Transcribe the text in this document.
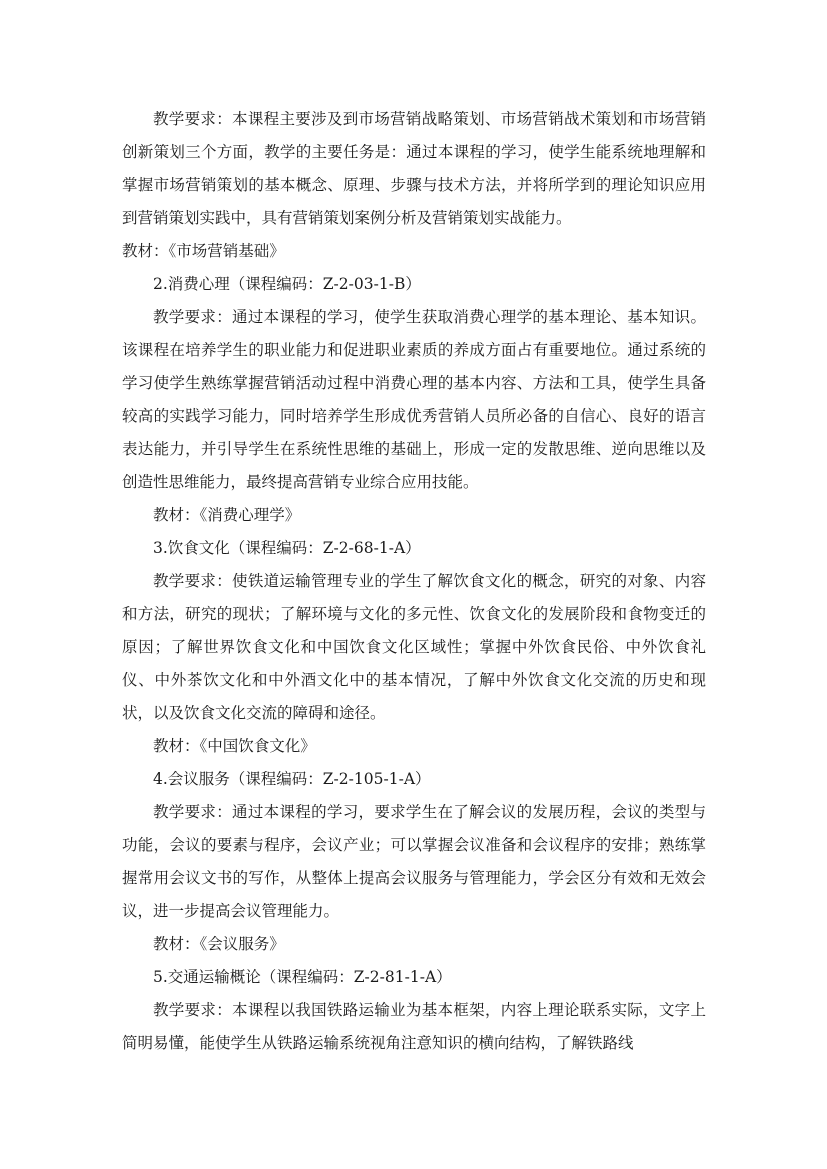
教学要求：本课程主要涉及到市场营销战略策划、市场营销战术策划和市场营销创新策划三个方面，教学的主要任务是：通过本课程的学习，使学生能系统地理解和掌握市场营销策划的基本概念、原理、步骤与技术方法，并将所学到的理论知识应用到营销策划实践中，具有营销策划案例分析及营销策划实战能力。

教材：《市场营销基础》

2.消费心理（课程编码：Z-2-03-1-B）

教学要求：通过本课程的学习，使学生获取消费心理学的基本理论、基本知识。该课程在培养学生的职业能力和促进职业素质的养成方面占有重要地位。通过系统的学习使学生熟练掌握营销活动过程中消费心理的基本内容、方法和工具，使学生具备较高的实践学习能力，同时培养学生形成优秀营销人员所必备的自信心、良好的语言表达能力，并引导学生在系统性思维的基础上，形成一定的发散思维、逆向思维以及创造性思维能力，最终提高营销专业综合应用技能。

教材：《消费心理学》

3.饮食文化（课程编码：Z-2-68-1-A）

教学要求：使铁道运输管理专业的学生了解饮食文化的概念，研究的对象、内容和方法，研究的现状；了解环境与文化的多元性、饮食文化的发展阶段和食物变迁的原因；了解世界饮食文化和中国饮食文化区域性；掌握中外饮食民俗、中外饮食礼仪、中外茶饮文化和中外酒文化中的基本情况，了解中外饮食文化交流的历史和现状，以及饮食文化交流的障碍和途径。

教材：《中国饮食文化》

4.会议服务（课程编码：Z-2-105-1-A）

教学要求：通过本课程的学习，要求学生在了解会议的发展历程，会议的类型与功能，会议的要素与程序，会议产业；可以掌握会议准备和会议程序的安排；熟练掌握常用会议文书的写作，从整体上提高会议服务与管理能力，学会区分有效和无效会议，进一步提高会议管理能力。

教材：《会议服务》

5.交通运输概论（课程编码：Z-2-81-1-A）

教学要求：本课程以我国铁路运输业为基本框架，内容上理论联系实际，文字上简明易懂，能使学生从铁路运输系统视角注意知识的横向结构，了解铁路线
